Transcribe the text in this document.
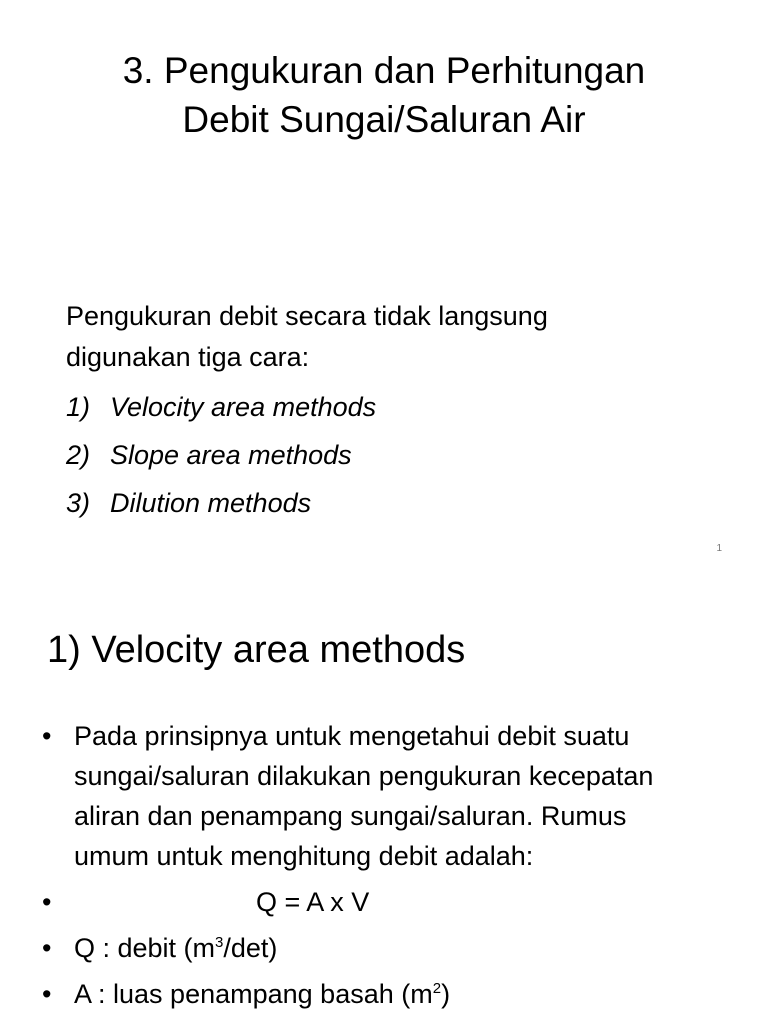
3. Pengukuran dan Perhitungan
Debit Sungai/Saluran Air
Pengukuran debit secara tidak langsung
digunakan tiga cara:
1) Velocity area methods
2) Slope area methods
3) Dilution methods
1
1) Velocity area methods
• Pada prinsipnya untuk mengetahui debit suatu
sungai/saluran dilakukan pengukuran kecepatan
aliran dan penampang sungai/saluran. Rumus
umum untuk menghitung debit adalah:
•	Q = A x V
• Q : debit $(m^3/\det)$
• A : luas penampang basah $(m^2)$
